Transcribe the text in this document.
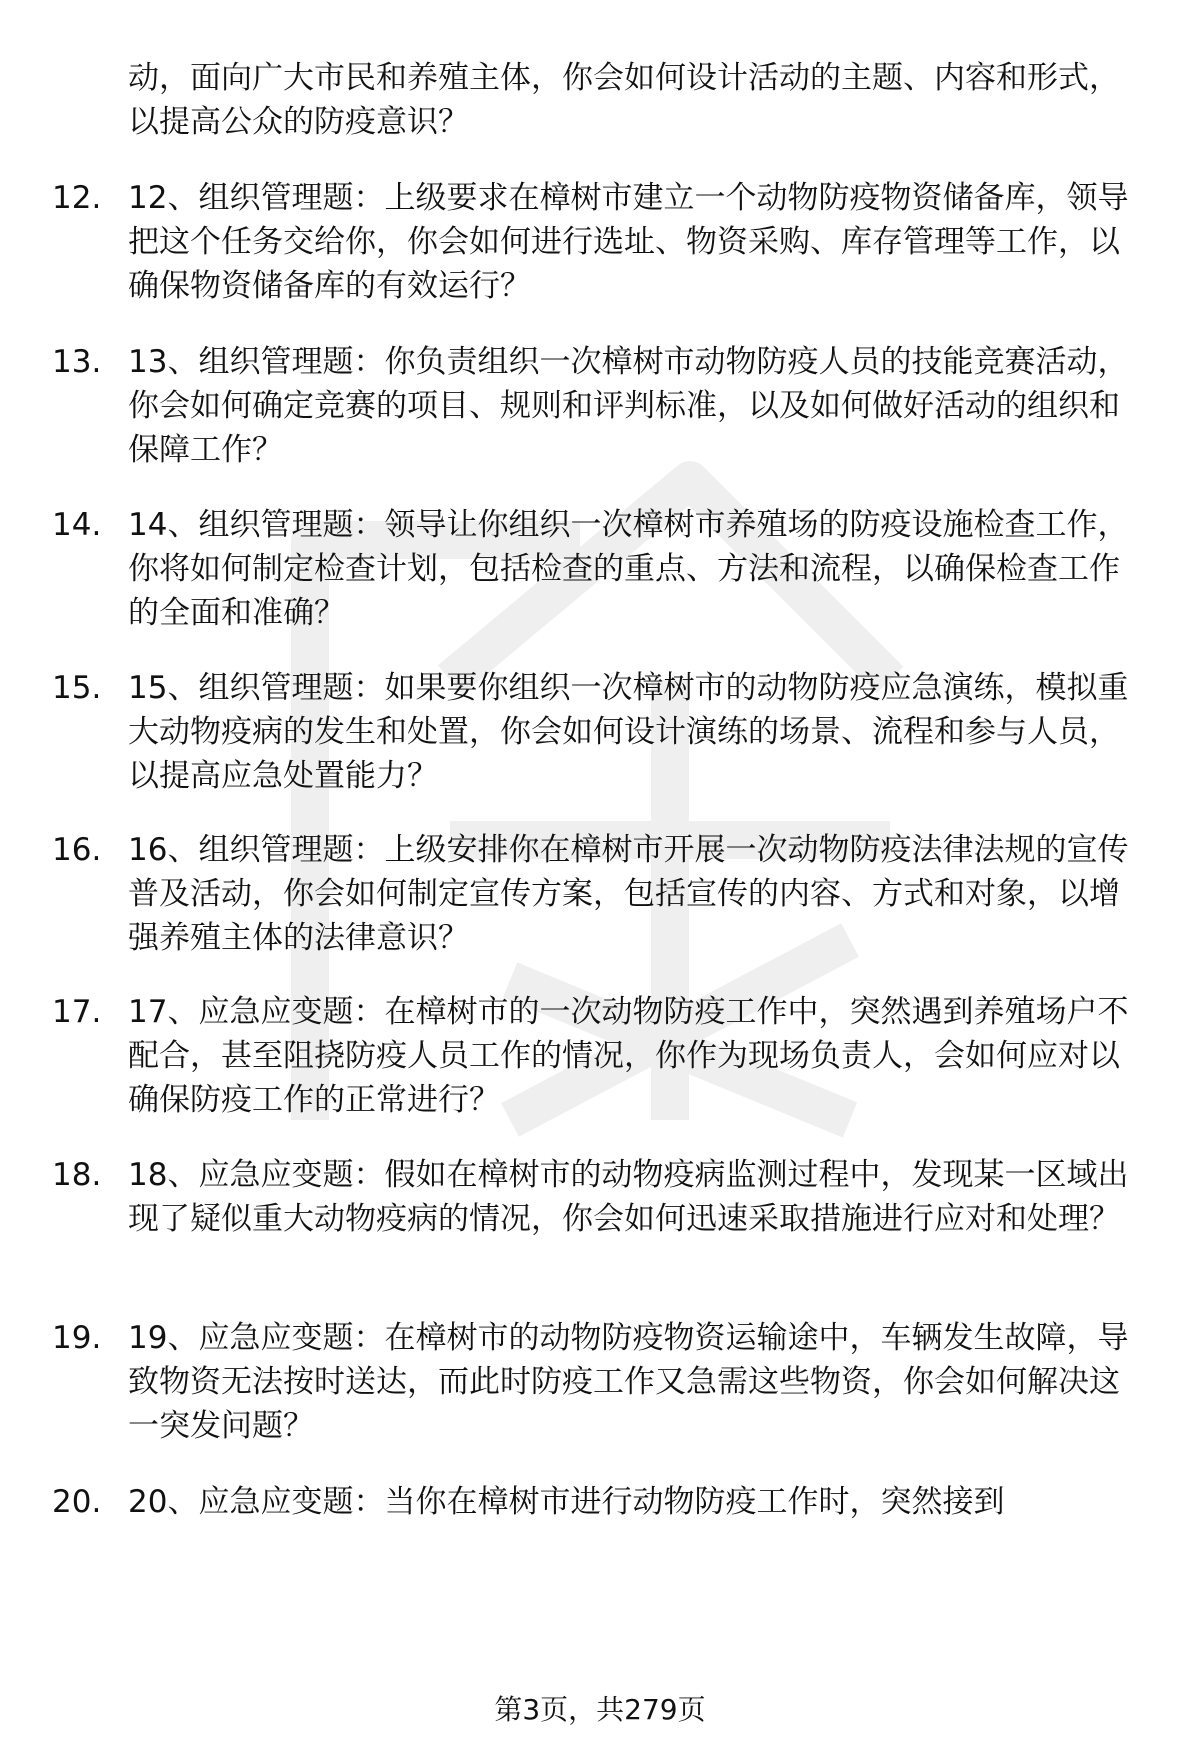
动，面向广大市民和养殖主体，你会如何设计活动的主题、内容和形式，以提高公众的防疫意识？
12. 12、组织管理题：上级要求在樟树市建立一个动物防疫物资储备库，领导把这个任务交给你，你会如何进行选址、物资采购、库存管理等工作，以确保物资储备库的有效运行？
13. 13、组织管理题：你负责组织一次樟树市动物防疫人员的技能竞赛活动，你会如何确定竞赛的项目、规则和评判标准，以及如何做好活动的组织和保障工作？
14. 14、组织管理题：领导让你组织一次樟树市养殖场的防疫设施检查工作，你将如何制定检查计划，包括检查的重点、方法和流程，以确保检查工作的全面和准确？
15. 15、组织管理题：如果要你组织一次樟树市的动物防疫应急演练，模拟重大动物疫病的发生和处置，你会如何设计演练的场景、流程和参与人员，以提高应急处置能力？
16. 16、组织管理题：上级安排你在樟树市开展一次动物防疫法律法规的宣传普及活动，你会如何制定宣传方案，包括宣传的内容、方式和对象，以增强养殖主体的法律意识？
17. 17、应急应变题：在樟树市的一次动物防疫工作中，突然遇到养殖场户不配合，甚至阻挠防疫人员工作的情况，你作为现场负责人，会如何应对以确保防疫工作的正常进行？
18. 18、应急应变题：假如在樟树市的动物疫病监测过程中，发现某一区域出现了疑似重大动物疫病的情况，你会如何迅速采取措施进行应对和处理？
19. 19、应急应变题：在樟树市的动物防疫物资运输途中，车辆发生故障，导致物资无法按时送达，而此时防疫工作又急需这些物资，你会如何解决这一突发问题？
20. 20、应急应变题：当你在樟树市进行动物防疫工作时，突然接到
第3页，共279页
